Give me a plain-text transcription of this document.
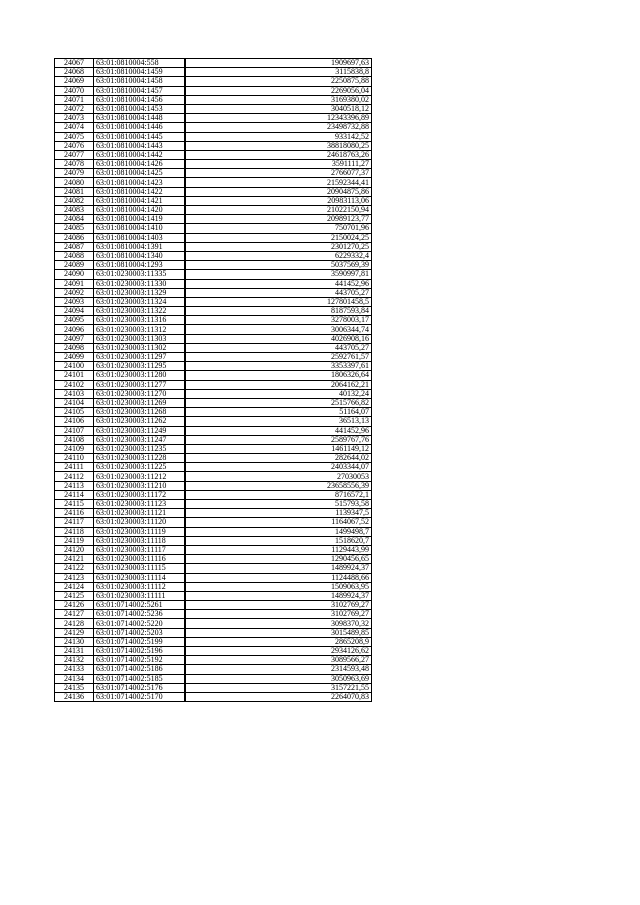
24067	63:01:0810004:558	1909697,63
24068	63:01:0810004:1459	3115838,8
24069	63:01:0810004:1458	2250875,88
24070	63:01:0810004:1457	2269056,04
24071	63:01:0810004:1456	3169380,02
24072	63:01:0810004:1453	3040518,12
24073	63:01:0810004:1448	12343396,89
24074	63:01:0810004:1446	23498732,88
24075	63:01:0810004:1445	933142,52
24076	63:01:0810004:1443	38818080,25
24077	63:01:0810004:1442	24618763,26
24078	63:01:0810004:1426	3591111,27
24079	63:01:0810004:1425	2766077,37
24080	63:01:0810004:1423	21592344,41
24081	63:01:0810004:1422	20904875,86
24082	63:01:0810004:1421	20983113,06
24083	63:01:0810004:1420	21022150,94
24084	63:01:0810004:1419	20989123,77
24085	63:01:0810004:1410	750701,96
24086	63:01:0810004:1403	2150024,25
24087	63:01:0810004:1391	2301270,25
24088	63:01:0810004:1340	6229332,4
24089	63:01:0810004:1293	5037569,39
24090	63:01:0230003:11335	3590997,81
24091	63:01:0230003:11330	441452,96
24092	63:01:0230003:11329	443705,27
24093	63:01:0230003:11324	127801458,5
24094	63:01:0230003:11322	8187593,84
24095	63:01:0230003:11316	3278003,17
24096	63:01:0230003:11312	3006344,74
24097	63:01:0230003:11303	4026908,16
24098	63:01:0230003:11302	443705,27
24099	63:01:0230003:11297	2592761,57
24100	63:01:0230003:11295	3353397,61
24101	63:01:0230003:11280	1806326,64
24102	63:01:0230003:11277	2064162,21
24103	63:01:0230003:11270	40132,24
24104	63:01:0230003:11269	2515766,82
24105	63:01:0230003:11268	51164,07
24106	63:01:0230003:11262	36513,13
24107	63:01:0230003:11249	441452,96
24108	63:01:0230003:11247	2589767,76
24109	63:01:0230003:11235	1461149,12
24110	63:01:0230003:11228	282644,02
24111	63:01:0230003:11225	2403344,07
24112	63:01:0230003:11212	27030053
24113	63:01:0230003:11210	23658556,39
24114	63:01:0230003:11172	8716572,1
24115	63:01:0230003:11123	515793,58
24116	63:01:0230003:11121	1139347,5
24117	63:01:0230003:11120	1164067,52
24118	63:01:0230003:11119	1499498,7
24119	63:01:0230003:11118	1518620,7
24120	63:01:0230003:11117	1129443,99
24121	63:01:0230003:11116	1290456,65
24122	63:01:0230003:11115	1489924,37
24123	63:01:0230003:11114	1124488,66
24124	63:01:0230003:11112	1509063,95
24125	63:01:0230003:11111	1489924,37
24126	63:01:0714002:5261	3102769,27
24127	63:01:0714002:5236	3102769,27
24128	63:01:0714002:5220	3098370,32
24129	63:01:0714002:5203	3015489,85
24130	63:01:0714002:5199	2865208,9
24131	63:01:0714002:5196	2934126,62
24132	63:01:0714002:5192	3089566,27
24133	63:01:0714002:5186	2314593,48
24134	63:01:0714002:5185	3050963,69
24135	63:01:0714002:5176	3157221,55
24136	63:01:0714002:5170	2264070,83
